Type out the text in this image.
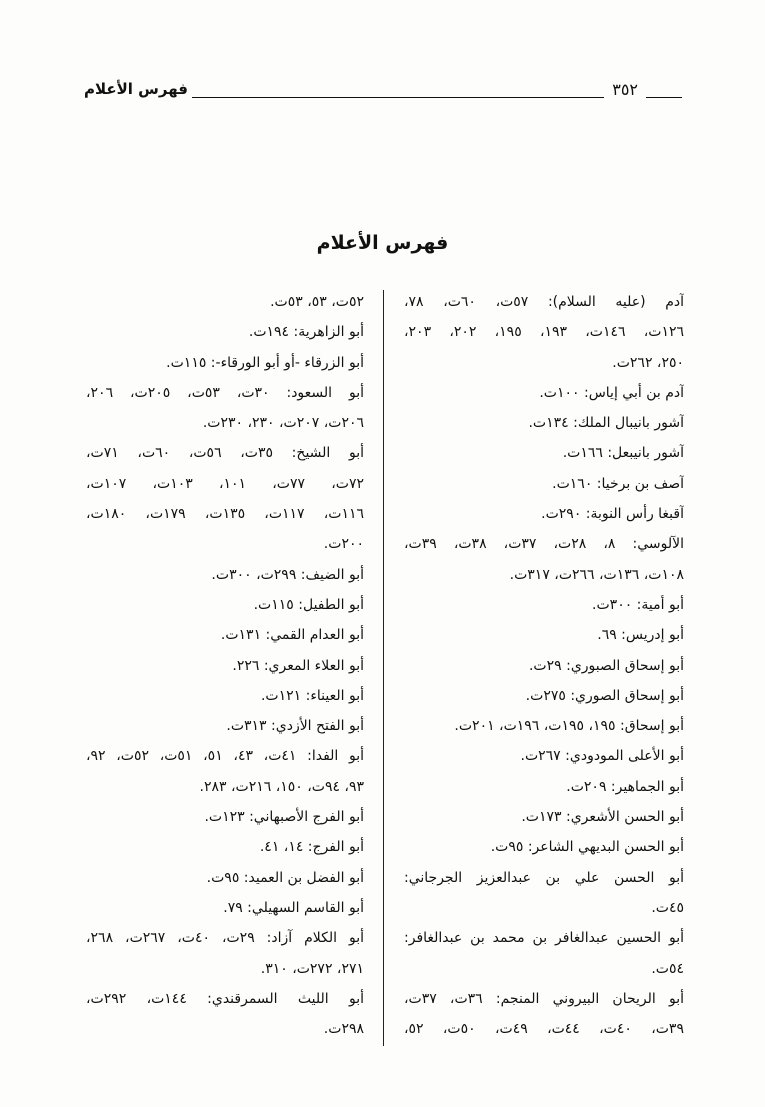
فهرس الأعلام	٣٥٢
فهرس الأعلام
آدم (عليه السلام): ٥٧ت، ٦٠ت، ٧٨،
١٢٦ت، ١٤٦ت، ١٩٣، ١٩٥، ٢٠٢، ٢٠٣،
٢٥٠، ٢٦٢ت.
آدم بن أبي إياس: ١٠٠ت.
آشور بانيبال الملك: ١٣٤ت.
آشور بانيبعل: ١٦٦ت.
آصف بن برخيا: ١٦٠ت.
آقبغا رأس النوبة: ٢٩٠ت.
الآلوسي: ٨، ٢٨ت، ٣٧ت، ٣٨ت، ٣٩ت،
١٠٨ت، ١٣٦ت، ٢٦٦ت، ٣١٧ت.
أبو أمية: ٣٠٠ت.
أبو إدريس: ٦٩.
أبو إسحاق الصبوري: ٢٩ت.
أبو إسحاق الصوري: ٢٧٥ت.
أبو إسحاق: ١٩٥، ١٩٥ت، ١٩٦ت، ٢٠١ت.
أبو الأعلى المودودي: ٢٦٧ت.
أبو الجماهير: ٢٠٩ت.
أبو الحسن الأشعري: ١٧٣ت.
أبو الحسن البديهي الشاعر: ٩٥ت.
أبو الحسن علي بن عبدالعزيز الجرجاني:
٤٥ت.
أبو الحسين عبدالغافر بن محمد بن عبدالغافر:
٥٤ت.
أبو الريحان البيروني المنجم: ٣٦ت، ٣٧ت،
٣٩ت، ٤٠ت، ٤٤ت، ٤٩ت، ٥٠ت، ٥٢،
٥٢ت، ٥٣، ٥٣ت.
أبو الزاهرية: ١٩٤ت.
أبو الزرقاء -أو أبو الورقاء-: ١١٥ت.
أبو السعود: ٣٠ت، ٥٣ت، ٢٠٥ت، ٢٠٦،
٢٠٦ت، ٢٠٧ت، ٢٣٠، ٢٣٠ت.
أبو الشيخ: ٣٥ت، ٥٦ت، ٦٠ت، ٧١ت،
٧٢ت، ٧٧ت، ١٠١، ١٠٣ت، ١٠٧ت،
١١٦ت، ١١٧ت، ١٣٥ت، ١٧٩ت، ١٨٠ت،
٢٠٠ت.
أبو الضيف: ٢٩٩ت، ٣٠٠ت.
أبو الطفيل: ١١٥ت.
أبو العدام القمي: ١٣١ت.
أبو العلاء المعري: ٢٢٦.
أبو العيناء: ١٢١ت.
أبو الفتح الأزدي: ٣١٣ت.
أبو الفدا: ٤١ت، ٤٣، ٥١، ٥١ت، ٥٢ت، ٩٢،
٩٣، ٩٤ت، ١٥٠، ٢١٦ت، ٢٨٣.
أبو الفرج الأصبهاني: ١٢٣ت.
أبو الفرج: ١٤، ٤١.
أبو الفضل بن العميد: ٩٥ت.
أبو القاسم السهيلي: ٧٩.
أبو الكلام آزاد: ٢٩ت، ٤٠ت، ٢٦٧ت، ٢٦٨،
٢٧١، ٢٧٢ت، ٣١٠.
أبو الليث السمرقندي: ١٤٤ت، ٢٩٢ت،
٢٩٨ت.
